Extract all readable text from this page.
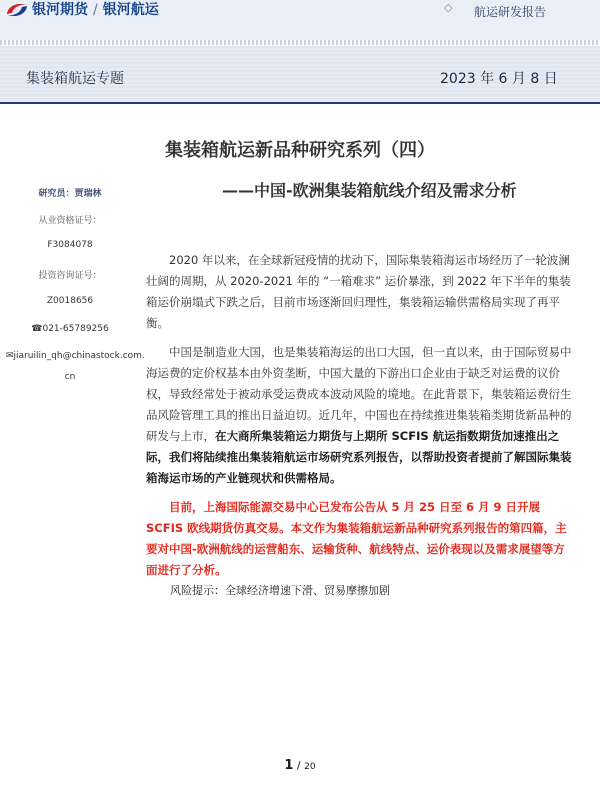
银河期货 / 银河航运	◇ 航运研发报告
集装箱航运专题	2023 年 6 月 8 日
集装箱航运新品种研究系列（四）
——中国-欧洲集装箱航线介绍及需求分析
研究员：贾瑞林
从业资格证号：
F3084078
投资咨询证号：
Z0018656
☎021-65789256
✉jiaruilin_qh@chinastock.com.
cn

2020 年以来，在全球新冠疫情的扰动下，国际集装箱海运市场经历了一轮波澜壮阔的周期，从 2020-2021 年的 “一箱难求” 运价暴涨，到 2022 年下半年的集装箱运价崩塌式下跌之后，目前市场逐渐回归理性，集装箱运输供需格局实现了再平衡。

中国是制造业大国，也是集装箱海运的出口大国，但一直以来，由于国际贸易中海运费的定价权基本由外资垄断，中国大量的下游出口企业由于缺乏对运费的议价权，导致经常处于被动承受运费成本波动风险的境地。在此背景下，集装箱运费衍生品风险管理工具的推出日益迫切。近几年，中国也在持续推进集装箱类期货新品种的研发与上市，在大商所集装箱运力期货与上期所 SCFIS 航运指数期货加速推出之际，我们将陆续推出集装箱航运市场研究系列报告，以帮助投资者提前了解国际集装箱海运市场的产业链现状和供需格局。

目前，上海国际能源交易中心已发布公告从 5 月 25 日至 6 月 9 日开展 SCFIS 欧线期货仿真交易。本文作为集装箱航运新品种研究系列报告的第四篇，主要对中国-欧洲航线的运营船东、运输货种、航线特点、运价表现以及需求展望等方面进行了分析。

风险提示：全球经济增速下滑、贸易摩擦加剧
1 / 20
